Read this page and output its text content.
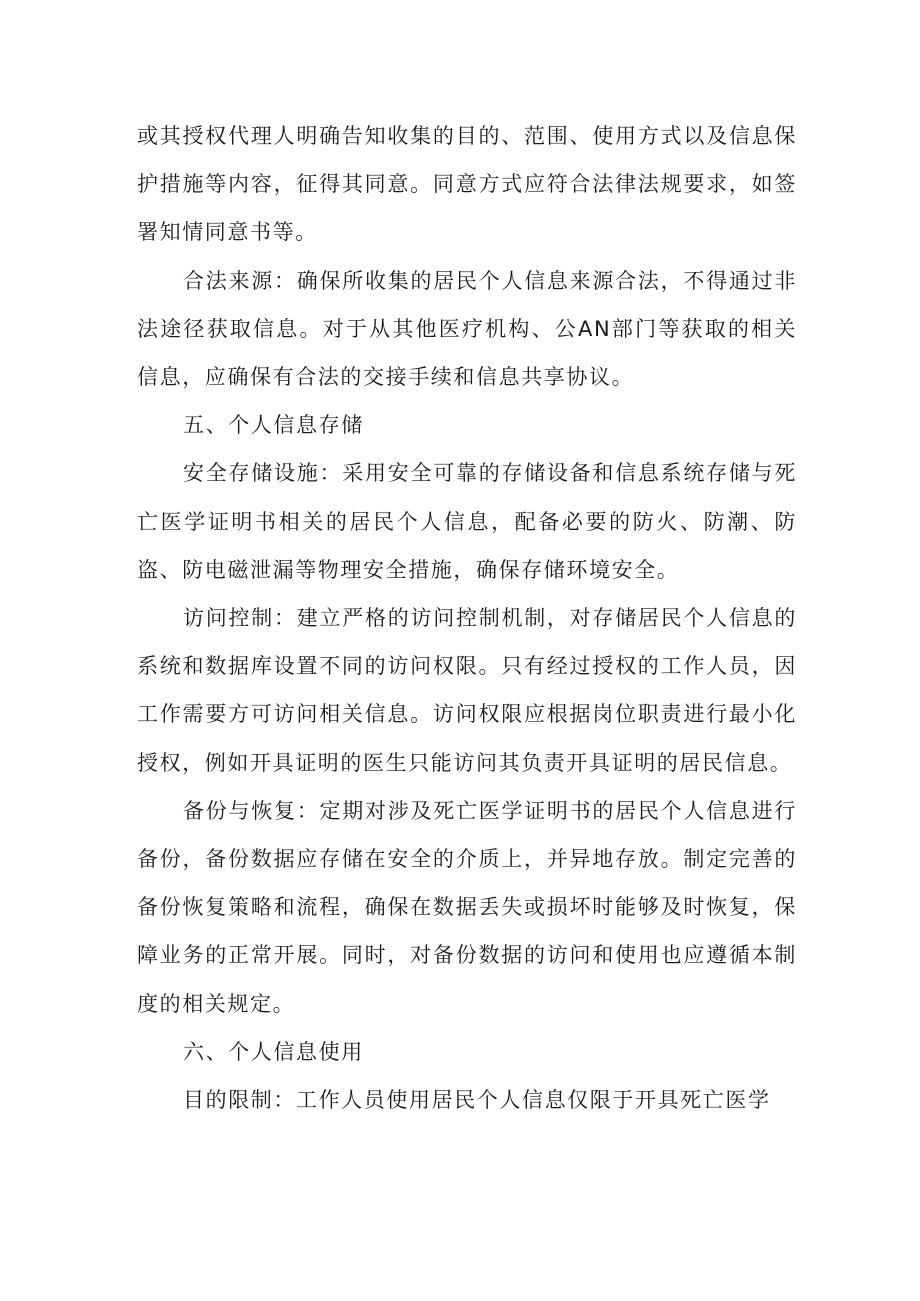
或其授权代理人明确告知收集的目的、范围、使用方式以及信息保护措施等内容，征得其同意。同意方式应符合法律法规要求，如签署知情同意书等。

合法来源：确保所收集的居民个人信息来源合法，不得通过非法途径获取信息。对于从其他医疗机构、公AN部门等获取的相关信息，应确保有合法的交接手续和信息共享协议。

五、个人信息存储

安全存储设施：采用安全可靠的存储设备和信息系统存储与死亡医学证明书相关的居民个人信息，配备必要的防火、防潮、防盗、防电磁泄漏等物理安全措施，确保存储环境安全。

访问控制：建立严格的访问控制机制，对存储居民个人信息的系统和数据库设置不同的访问权限。只有经过授权的工作人员，因工作需要方可访问相关信息。访问权限应根据岗位职责进行最小化授权，例如开具证明的医生只能访问其负责开具证明的居民信息。

备份与恢复：定期对涉及死亡医学证明书的居民个人信息进行备份，备份数据应存储在安全的介质上，并异地存放。制定完善的备份恢复策略和流程，确保在数据丢失或损坏时能够及时恢复，保障业务的正常开展。同时，对备份数据的访问和使用也应遵循本制度的相关规定。

六、个人信息使用

目的限制：工作人员使用居民个人信息仅限于开具死亡医学
